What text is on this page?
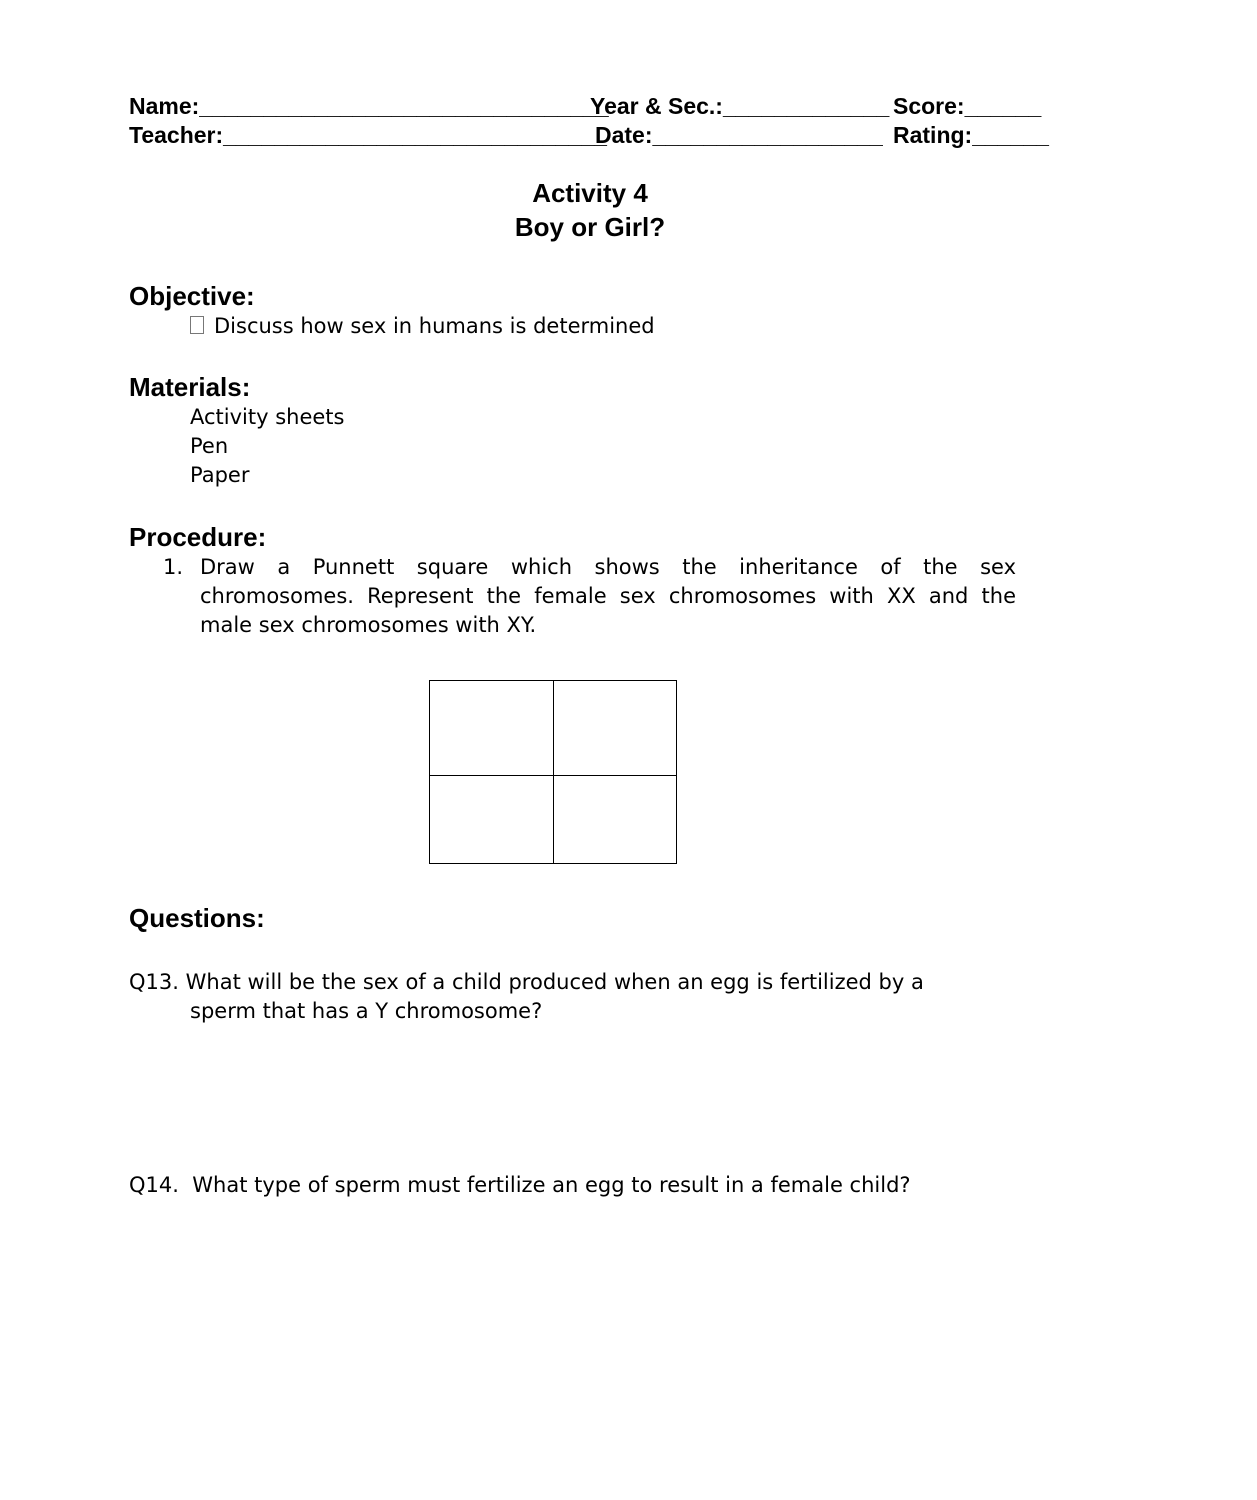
Name:________________________________
Year & Sec.:_____________ Score:______
Teacher:______________________________
Date:__________________ Rating:______
Activity 4
Boy or Girl?
Objective:
Discuss how sex in humans is determined
Materials:
Activity sheets
Pen
Paper
Procedure:
1. Draw a Punnett square which shows the inheritance of the sex chromosomes. Represent the female sex chromosomes with XX and the male sex chromosomes with XY.
Questions:
Q13. What will be the sex of a child produced when an egg is fertilized by a
sperm that has a Y chromosome?
Q14. What type of sperm must fertilize an egg to result in a female child?
